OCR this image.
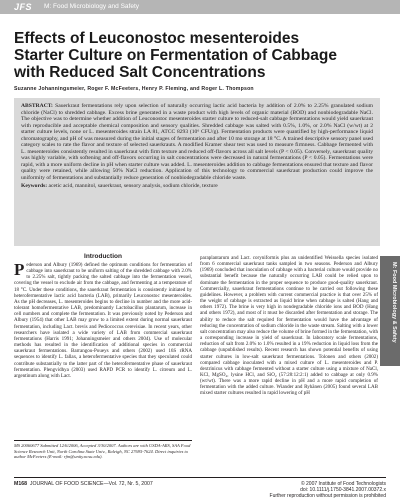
JFS M: Food Microbiology and Safety
Effects of Leuconostoc mesenteroides Starter Culture on Fermentation of Cabbage with Reduced Salt Concentrations
Suzanne Johanningsmeier, Roger F. McFeeters, Henry P. Fleming, and Roger L. Thompson

ABSTRACT: Sauerkraut fermentations rely upon selection of naturally occurring lactic acid bacteria by addition of 2.0% to 2.25% granulated sodium chloride (NaCl) to shredded cabbage. Excess brine generated in a waste product with high levels of organic material (BOD) and nonbiodegradable NaCl. The objective was to determine whether addition of Leuconostoc mesenteroides starter culture to reduced-salt cabbage fermentations would yield sauerkraut with reproducible and acceptable chemical composition and sensory qualities. Shredded cabbage was salted with 0.5%, 1.0%, or 2.0% NaCl (w/wt) at 2 starter culture levels, none or L. mesenteroides strain LA 81, ATCC 8293 (10⁶ CFU/g). Fermentation products were quantified by high-performance liquid chromatography, and pH of was measured during the initial stages of fermentation and after 10 mo storage at 18 °C. A trained descriptive sensory panel used category scales to rate the flavor and texture of selected sauerkrauts. A modified Kramer shear test was used to measure firmness. Cabbage fermented with L. mesenteroides consistently resulted in sauerkraut with firm texture and reduced off-flavors across all salt levels (P < 0.05). Conversely, sauerkraut quality was highly variable, with softening and off-flavors occurring in salt concentrations were decreased in natural fermentations (P < 0.05). Fermentations were rapid, with a more uniform decline in pH when starter culture was added. L. mesenteroides addition to cabbage fermentations ensured that texture and flavor quality were retained, while allowing 50% NaCl reduction. Application of this technology to commercial sauerkraut production could improve the uniformity of fermentations and substantially reduce generation of nonbiodegradable chloride waste.

Keywords: acetic acid, mannitol, sauerkraut, sensory analysis, sodium chloride, texture

Introduction
Pederson and Albury (1969) defined the optimum conditions for fermentation of cabbage into sauerkraut to be uniform salting of the shredded cabbage with 2.0% to 2.25% salt, tightly packing the salted cabbage into the fermentation vessel, covering the vessel to exclude air from the cabbage, and fermenting at a temperature of 18 °C. Under these conditions, the sauerkraut fermentation is consistently initiated by heterofermentative lactic acid bacteria (LAB), primarily Leuconostoc mesenteroides. As the pH decreases, L. mesenteroides begins to decline in number and the more acid-tolerant homofermentative LAB, predominantly Lactobacillus plantarum, increase in cell numbers and complete the fermentation. It was previously noted by Pederson and Albury (1954) that other LAB may grow to a limited extent during normal sauerkraut fermentation, including Lact. brevis and Pediococcus cerevisiae. In recent years, other researchers have isolated a wide variety of LAB from commercial sauerkraut fermentations (Harris 1991; Johanningsmeier and others 2004). Use of molecular methods has resulted in the identification of additional species in commercial sauerkraut fermentations. Barrangou-Poueys and others (2002) used 16S rRNA sequences to identify L. fallax, a heterofermentative species that they speculated could contribute substantially to the latter part of the heterofermentative phase of sauerkraut fermentation. Plengvidhya (2003) used RAPD PCR to identify L. citreum and L. argentinum along with Lact.
paraplantarum and Lact. coryniformis plus an unidentified Weissella species isolated from 6 commercial sauerkraut tanks sampled in two seasons. Pederson and Albury (1969) concluded that inoculation of cabbage with a bacterial culture would provide no substantial benefit because the naturally occurring LAB could be relied upon to dominate the fermentation in the proper sequence to produce good-quality sauerkraut. Commercially, sauerkraut fermentations continue to be carried out following these guidelines. However, a problem with current commercial practice is that over 25% of the weight of cabbage is extracted as liquid brine when cabbage is salted (Hang and others 1972). The brine is very high in nondegradable chloride ions and BOD (Hang and others 1972), and most of it must be discarded after fermentation and storage. The ability to reduce the salt required for fermentation would have the advantage of reducing the concentration of sodium chloride in the waste stream. Salting with a lower salt concentration may also reduce the volume of brine formed in the fermentation, with a corresponding increase in yield of sauerkraut. In laboratory scale fermentations, reduction of salt from 2.0% to 1.0% resulted in a 19% reduction in liquid loss from the cabbage (unpublished results). Recent research has shown potential benefits of using starter cultures in low-salt sauerkraut fermentations. Tolonen and others (2002) compared cabbage inoculated with a mixed culture of L. mesenteroides and P. dextrinicus with cabbage fermented without a starter culture using a mixture of NaCl, KCl, MgSO₄, lysine HCl, and SiO₂ (57:28:12:2:1) added to cabbage at only 0.9% (wt/wt). There was a more rapid decline in pH and a more rapid completion of fermentation with the added culture. Wiander and Ryhänen (2005) found several LAB mixed starter cultures resulted in rapid lowering of pH
MS 20060677 Submitted 12/6/2006, Accepted 3/30/2007. Authors are with USDA-ARS, SAA Food Science Research Unit, North Carolina State Univ., Raleigh, NC 27695-7624. Direct inquiries to author McFeeters (E-mail: rfm@unity.ncsu.edu).
M: Food Microbiology & Safety
M168 JOURNAL OF FOOD SCIENCE—Vol. 72, Nr. 5, 2007	© 2007 Institute of Food Technologists
doi: 10.1111/j.1750-3841.2007.00372.x
Further reproduction without permission is prohibited
